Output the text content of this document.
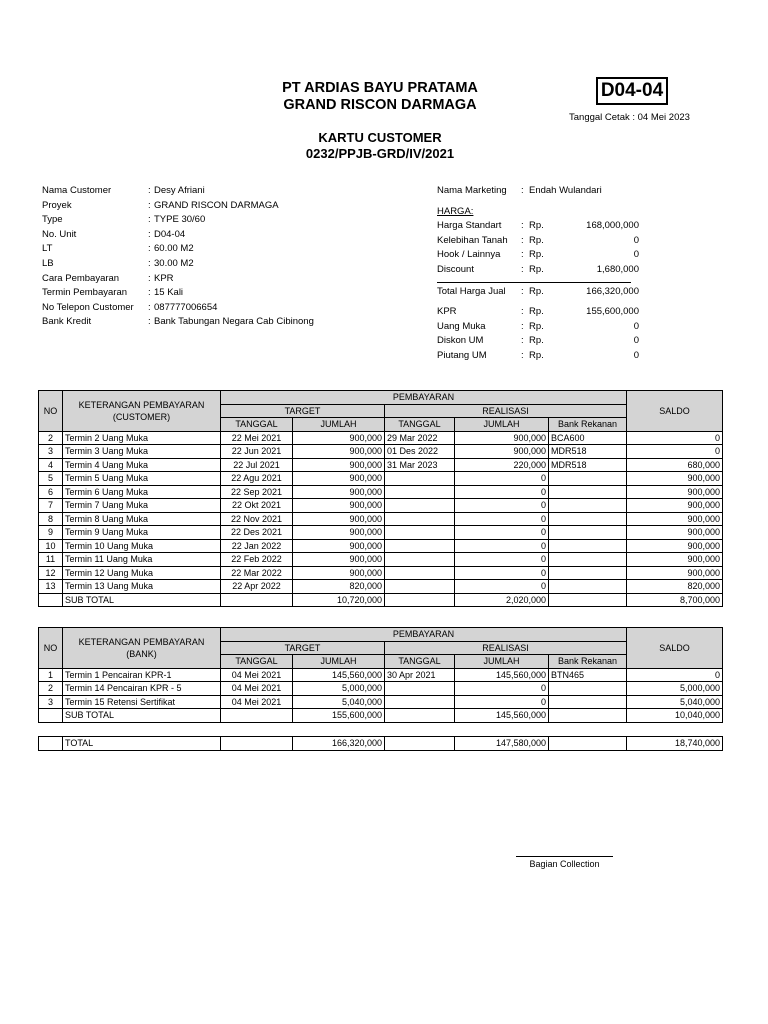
PT ARDIAS BAYU PRATAMA
GRAND RISCON DARMAGA
D04-04
Tanggal Cetak : 04 Mei 2023
KARTU CUSTOMER
0232/PPJB-GRD/IV/2021
Nama Customer	: Desy Afriani
Proyek	: GRAND RISCON DARMAGA
Type	: TYPE 30/60
No. Unit	: D04-04
LT	: 60.00 M2
LB	: 30.00 M2
Cara Pembayaran	: KPR
Termin Pembayaran	: 15 Kali
No Telepon Customer	: 087777006654
Bank Kredit	: Bank Tabungan Negara Cab Cibinong
Nama Marketing	: Endah Wulandari
HARGA:
Harga Standart	: Rp.	168,000,000
Kelebihan Tanah	: Rp.	0
Hook / Lainnya	: Rp.	0
Discount	: Rp.	1,680,000
Total Harga Jual	: Rp.	166,320,000
KPR	: Rp.	155,600,000
Uang Muka	: Rp.	0
Diskon UM	: Rp.	0
Piutang UM	: Rp.	0
NO	KETERANGAN PEMBAYARAN (CUSTOMER)	PEMBAYARAN					SALDO
		TARGET		REALISASI			
		TANGGAL	JUMLAH	TANGGAL	JUMLAH	Bank Rekanan	
2	Termin 2 Uang Muka	22 Mei 2021	900,000	29 Mar 2022	900,000	BCA600	0
3	Termin 3 Uang Muka	22 Jun 2021	900,000	01 Des 2022	900,000	MDR518	0
4	Termin 4 Uang Muka	22 Jul 2021	900,000	31 Mar 2023	220,000	MDR518	680,000
5	Termin 5 Uang Muka	22 Agu 2021	900,000		0		900,000
6	Termin 6 Uang Muka	22 Sep 2021	900,000		0		900,000
7	Termin 7 Uang Muka	22 Okt 2021	900,000		0		900,000
8	Termin 8 Uang Muka	22 Nov 2021	900,000		0		900,000
9	Termin 9 Uang Muka	22 Des 2021	900,000		0		900,000
10	Termin 10 Uang Muka	22 Jan 2022	900,000		0		900,000
11	Termin 11 Uang Muka	22 Feb 2022	900,000		0		900,000
12	Termin 12 Uang Muka	22 Mar 2022	900,000		0		900,000
13	Termin 13 Uang Muka	22 Apr 2022	820,000		0		820,000
	SUB TOTAL		10,720,000		2,020,000		8,700,000
NO	KETERANGAN PEMBAYARAN (BANK)	PEMBAYARAN					SALDO
		TARGET		REALISASI			
		TANGGAL	JUMLAH	TANGGAL	JUMLAH	Bank Rekanan	
1	Termin 1 Pencairan KPR-1	04 Mei 2021	145,560,000	30 Apr 2021	145,560,000	BTN465	0
2	Termin 14 Pencairan KPR - 5	04 Mei 2021	5,000,000		0		5,000,000
3	Termin 15 Retensi Sertifikat	04 Mei 2021	5,040,000		0		5,040,000
	SUB TOTAL		155,600,000		145,560,000		10,040,000
	TOTAL		166,320,000		147,580,000		18,740,000
Bagian Collection
